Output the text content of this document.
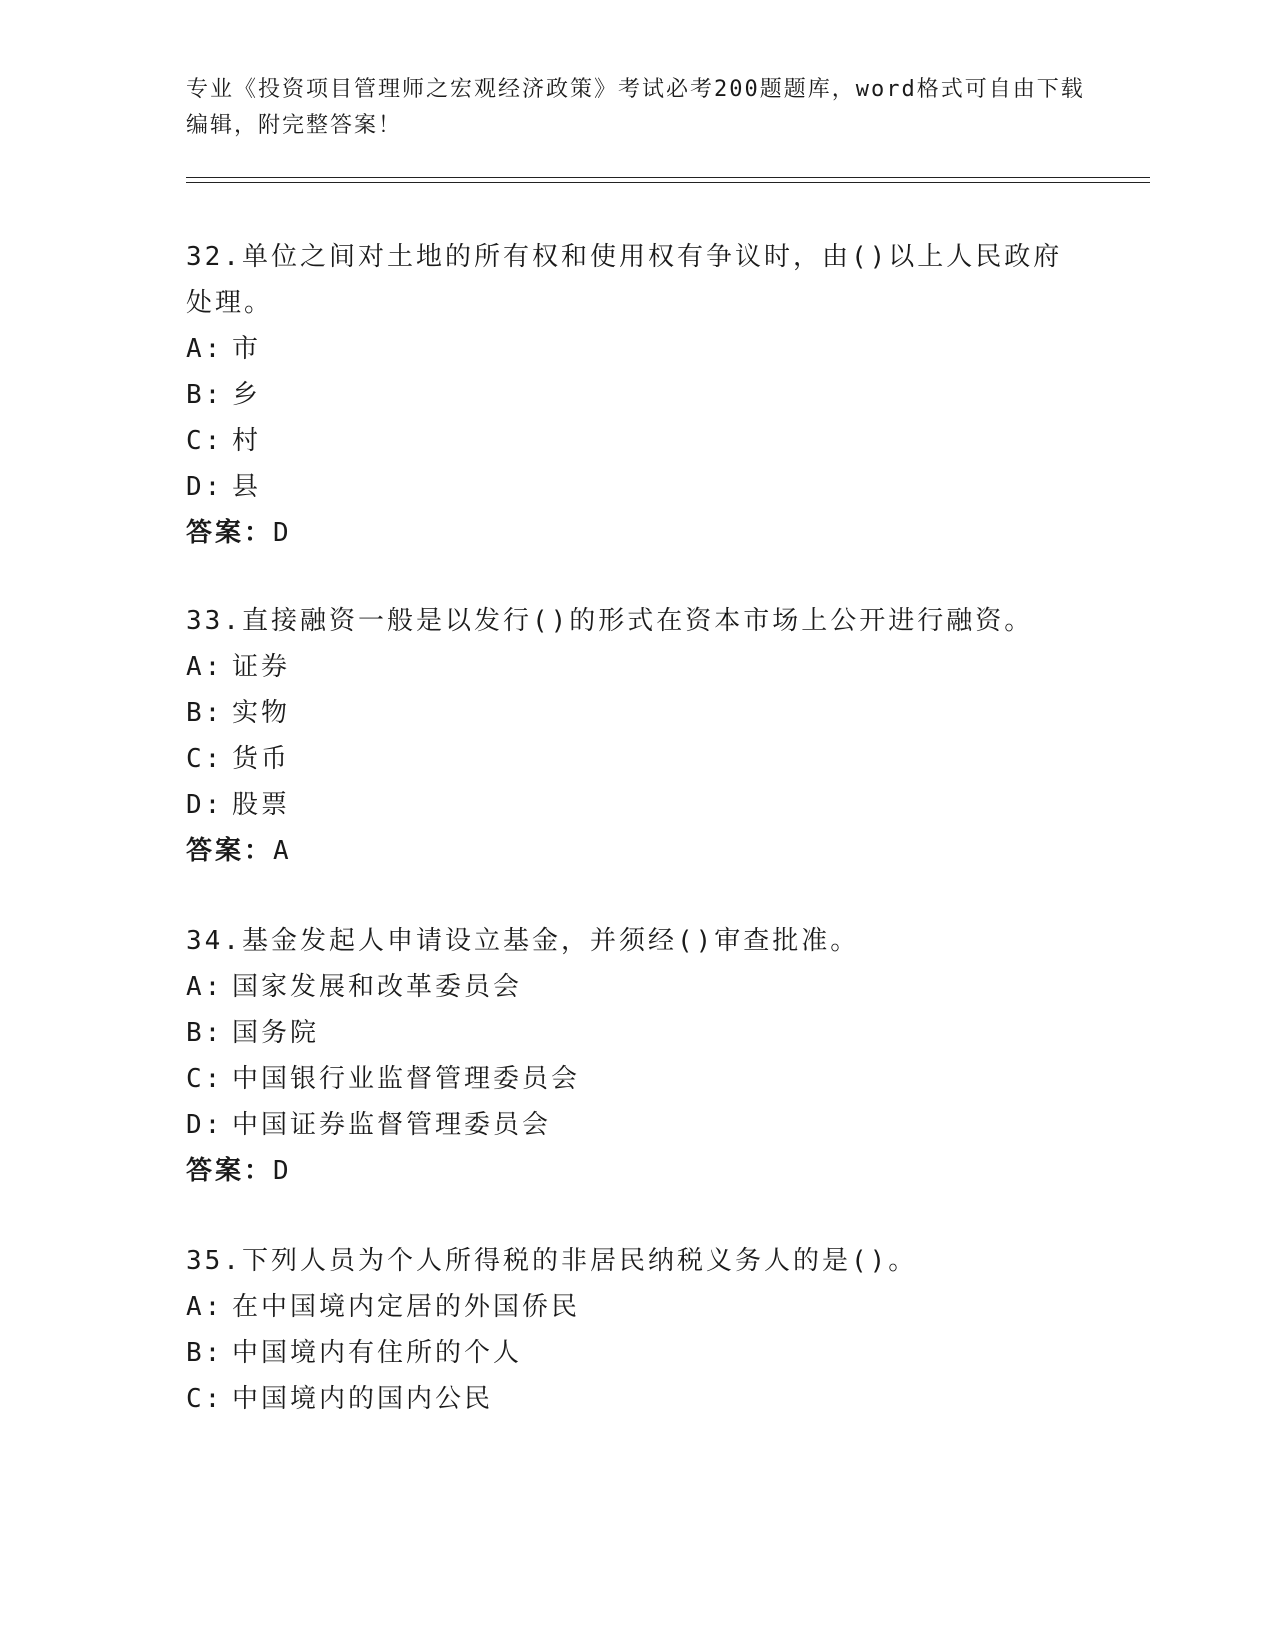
专业《投资项目管理师之宏观经济政策》考试必考200题题库，word格式可自由下载编辑，附完整答案！

32.单位之间对土地的所有权和使用权有争议时，由()以上人民政府处理。

A: 市
B: 乡
C: 村
D: 县
答案：D

33.直接融资一般是以发行()的形式在资本市场上公开进行融资。

A: 证券
B: 实物
C: 货币
D: 股票
答案：A

34.基金发起人申请设立基金，并须经()审查批准。

A: 国家发展和改革委员会
B: 国务院
C: 中国银行业监督管理委员会
D: 中国证券监督管理委员会
答案：D

35.下列人员为个人所得税的非居民纳税义务人的是()。

A: 在中国境内定居的外国侨民
B: 中国境内有住所的个人
C: 中国境内的国内公民
